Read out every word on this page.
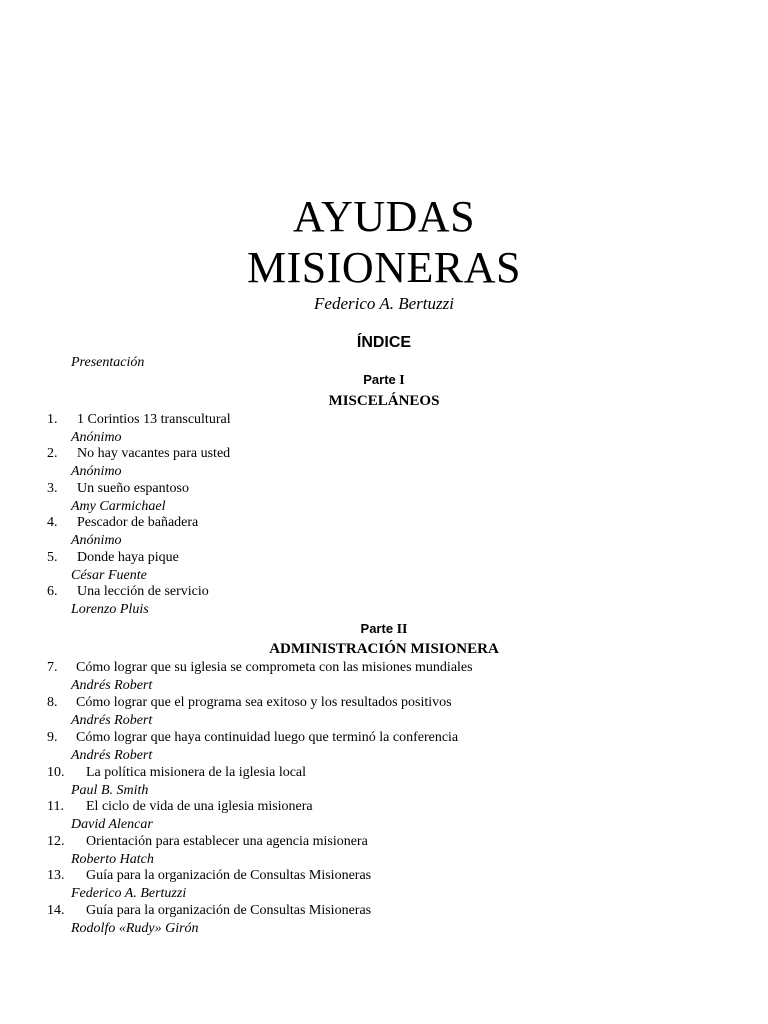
AYUDAS
MISIONERAS
Federico A. Bertuzzi
ÍNDICE
Presentación
Parte I
MISCELÁNEOS
Parte II
ADMINISTRACIÓN MISIONERA
1. 1 Corintios 13 transcultural
Anónimo
2. No hay vacantes para usted
Anónimo
3. Un sueño espantoso
Amy Carmichael
4. Pescador de bañadera
Anónimo
5. Donde haya pique
César Fuente
6. Una lección de servicio
Lorenzo Pluis
7. Cómo lograr que su iglesia se comprometa con las misiones mundiales
Andrés Robert
8. Cómo lograr que el programa sea exitoso y los resultados positivos
Andrés Robert
9. Cómo lograr que haya continuidad luego que terminó la conferencia
Andrés Robert
10. La política misionera de la iglesia local
Paul B. Smith
11. El ciclo de vida de una iglesia misionera
David Alencar
12. Orientación para establecer una agencia misionera
Roberto Hatch
13. Guía para la organización de Consultas Misioneras
Federico A. Bertuzzi
14. Guía para la organización de Consultas Misioneras
Rodolfo «Rudy» Girón
